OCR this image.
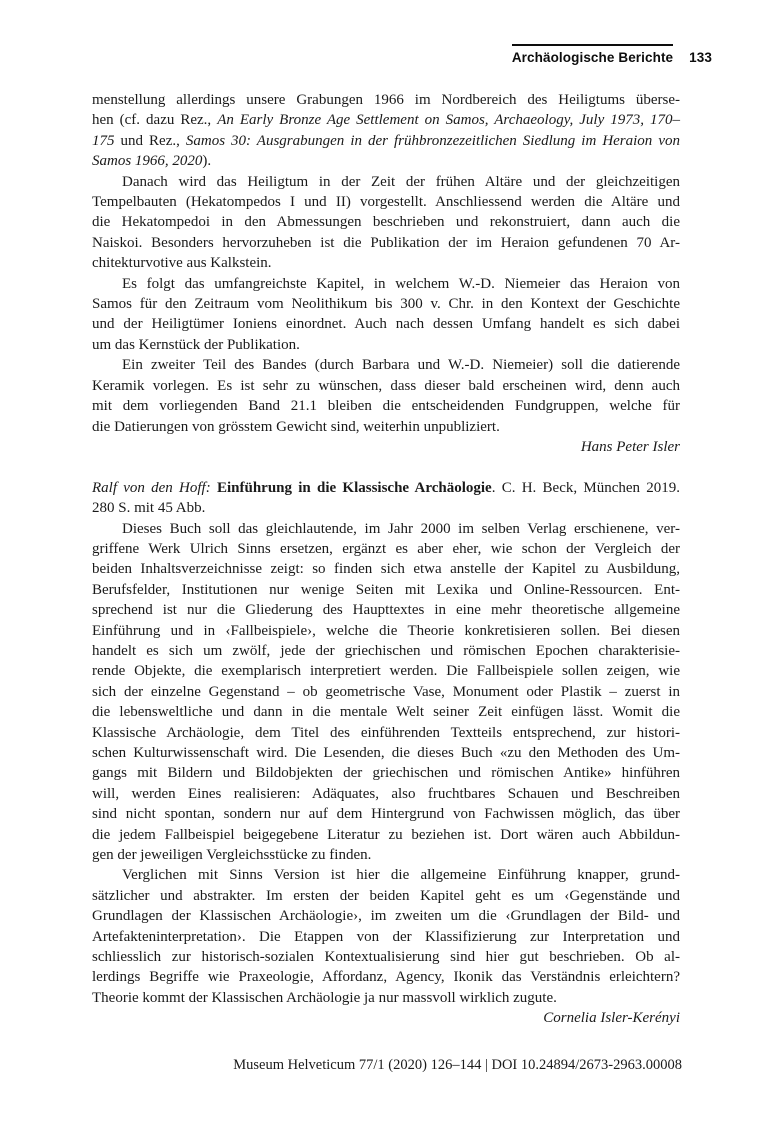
Archäologische Berichte 133
menstellung allerdings unsere Grabungen 1966 im Nordbereich des Heiligtums überse-
hen (cf. dazu Rez., An Early Bronze Age Settlement on Samos, Archaeology, July 1973, 170–
175 und Rez., Samos 30: Ausgrabungen in der frühbronzezeitlichen Siedlung im Heraion von
Samos 1966, 2020).
Danach wird das Heiligtum in der Zeit der frühen Altäre und der gleichzeitigen
Tempelbauten (Hekatompedos I und II) vorgestellt. Anschliessend werden die Altäre und
die Hekatompedoi in den Abmessungen beschrieben und rekonstruiert, dann auch die
Naiskoi. Besonders hervorzuheben ist die Publikation der im Heraion gefundenen 70 Ar-
chitekturvotive aus Kalkstein.
Es folgt das umfangreichste Kapitel, in welchem W.-D. Niemeier das Heraion von
Samos für den Zeitraum vom Neolithikum bis 300 v. Chr. in den Kontext der Geschichte
und der Heiligtümer Ioniens einordnet. Auch nach dessen Umfang handelt es sich dabei
um das Kernstück der Publikation.
Ein zweiter Teil des Bandes (durch Barbara und W.-D. Niemeier) soll die datierende
Keramik vorlegen. Es ist sehr zu wünschen, dass dieser bald erscheinen wird, denn auch
mit dem vorliegenden Band 21.1 bleiben die entscheidenden Fundgruppen, welche für
die Datierungen von grösstem Gewicht sind, weiterhin unpubliziert.
Hans Peter Isler
Ralf von den Hoff: Einführung in die Klassische Archäologie. C. H. Beck, München 2019.
280 S. mit 45 Abb.
Dieses Buch soll das gleichlautende, im Jahr 2000 im selben Verlag erschienene, ver-
griffene Werk Ulrich Sinns ersetzen, ergänzt es aber eher, wie schon der Vergleich der
beiden Inhaltsverzeichnisse zeigt: so finden sich etwa anstelle der Kapitel zu Ausbildung,
Berufsfelder, Institutionen nur wenige Seiten mit Lexika und Online-Ressourcen. Ent-
sprechend ist nur die Gliederung des Haupttextes in eine mehr theoretische allgemeine
Einführung und in ‹Fallbeispiele›, welche die Theorie konkretisieren sollen. Bei diesen
handelt es sich um zwölf, jede der griechischen und römischen Epochen charakterisie-
rende Objekte, die exemplarisch interpretiert werden. Die Fallbeispiele sollen zeigen, wie
sich der einzelne Gegenstand – ob geometrische Vase, Monument oder Plastik – zuerst in
die lebensweltliche und dann in die mentale Welt seiner Zeit einfügen lässt. Womit die
Klassische Archäologie, dem Titel des einführenden Textteils entsprechend, zur histori-
schen Kulturwissenschaft wird. Die Lesenden, die dieses Buch «zu den Methoden des Um-
gangs mit Bildern und Bildobjekten der griechischen und römischen Antike» hinführen
will, werden Eines realisieren: Adäquates, also fruchtbares Schauen und Beschreiben
sind nicht spontan, sondern nur auf dem Hintergrund von Fachwissen möglich, das über
die jedem Fallbeispiel beigegebene Literatur zu beziehen ist. Dort wären auch Abbildun-
gen der jeweiligen Vergleichsstücke zu finden.
Verglichen mit Sinns Version ist hier die allgemeine Einführung knapper, grund-
sätzlicher und abstrakter. Im ersten der beiden Kapitel geht es um ‹Gegenstände und
Grundlagen der Klassischen Archäologie›, im zweiten um die ‹Grundlagen der Bild- und
Artefakteninterpretation›. Die Etappen von der Klassifizierung zur Interpretation und
schliesslich zur historisch-sozialen Kontextualisierung sind hier gut beschrieben. Ob al-
lerdings Begriffe wie Praxeologie, Affordanz, Agency, Ikonik das Verständnis erleichtern?
Theorie kommt der Klassischen Archäologie ja nur massvoll wirklich zugute.
Cornelia Isler-Kerényi
Museum Helveticum 77/1 (2020) 126–144 | DOI 10.24894/2673-2963.00008
